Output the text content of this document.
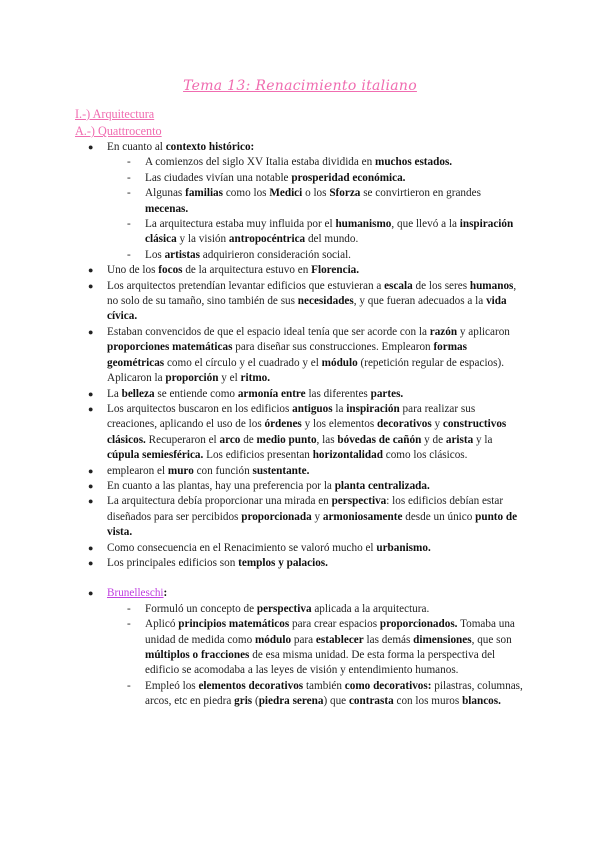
Tema 13: Renacimiento italiano
I.-) Arquitectura
A.-) Quattrocento
● En cuanto al contexto histórico:
- A comienzos del siglo XV Italia estaba dividida en muchos estados.
- Las ciudades vivían una notable prosperidad económica.
- Algunas familias como los Medici o los Sforza se convirtieron en grandes mecenas.
- La arquitectura estaba muy influida por el humanismo, que llevó a la inspiración clásica y la visión antropocéntrica del mundo.
- Los artistas adquirieron consideración social.
● Uno de los focos de la arquitectura estuvo en Florencia.
● Los arquitectos pretendían levantar edificios que estuvieran a escala de los seres humanos, no solo de su tamaño, sino también de sus necesidades, y que fueran adecuados a la vida cívica.
● Estaban convencidos de que el espacio ideal tenía que ser acorde con la razón y aplicaron proporciones matemáticas para diseñar sus construcciones. Emplearon formas geométricas como el círculo y el cuadrado y el módulo (repetición regular de espacios). Aplicaron la proporción y el ritmo.
● La belleza se entiende como armonía entre las diferentes partes.
● Los arquitectos buscaron en los edificios antiguos la inspiración para realizar sus creaciones, aplicando el uso de los órdenes y los elementos decorativos y constructivos clásicos. Recuperaron el arco de medio punto, las bóvedas de cañón y de arista y la cúpula semiesférica. Los edificios presentan horizontalidad como los clásicos.
● emplearon el muro con función sustentante.
● En cuanto a las plantas, hay una preferencia por la planta centralizada.
● La arquitectura debía proporcionar una mirada en perspectiva: los edificios debían estar diseñados para ser percibidos proporcionada y armoniosamente desde un único punto de vista.
● Como consecuencia en el Renacimiento se valoró mucho el urbanismo.
● Los principales edificios son templos y palacios.
● Brunelleschi:
- Formuló un concepto de perspectiva aplicada a la arquitectura.
- Aplicó principios matemáticos para crear espacios proporcionados. Tomaba una unidad de medida como módulo para establecer las demás dimensiones, que son múltiplos o fracciones de esa misma unidad. De esta forma la perspectiva del edificio se acomodaba a las leyes de visión y entendimiento humanos.
- Empleó los elementos decorativos también como decorativos: pilastras, columnas, arcos, etc en piedra gris (piedra serena) que contrasta con los muros blancos.
